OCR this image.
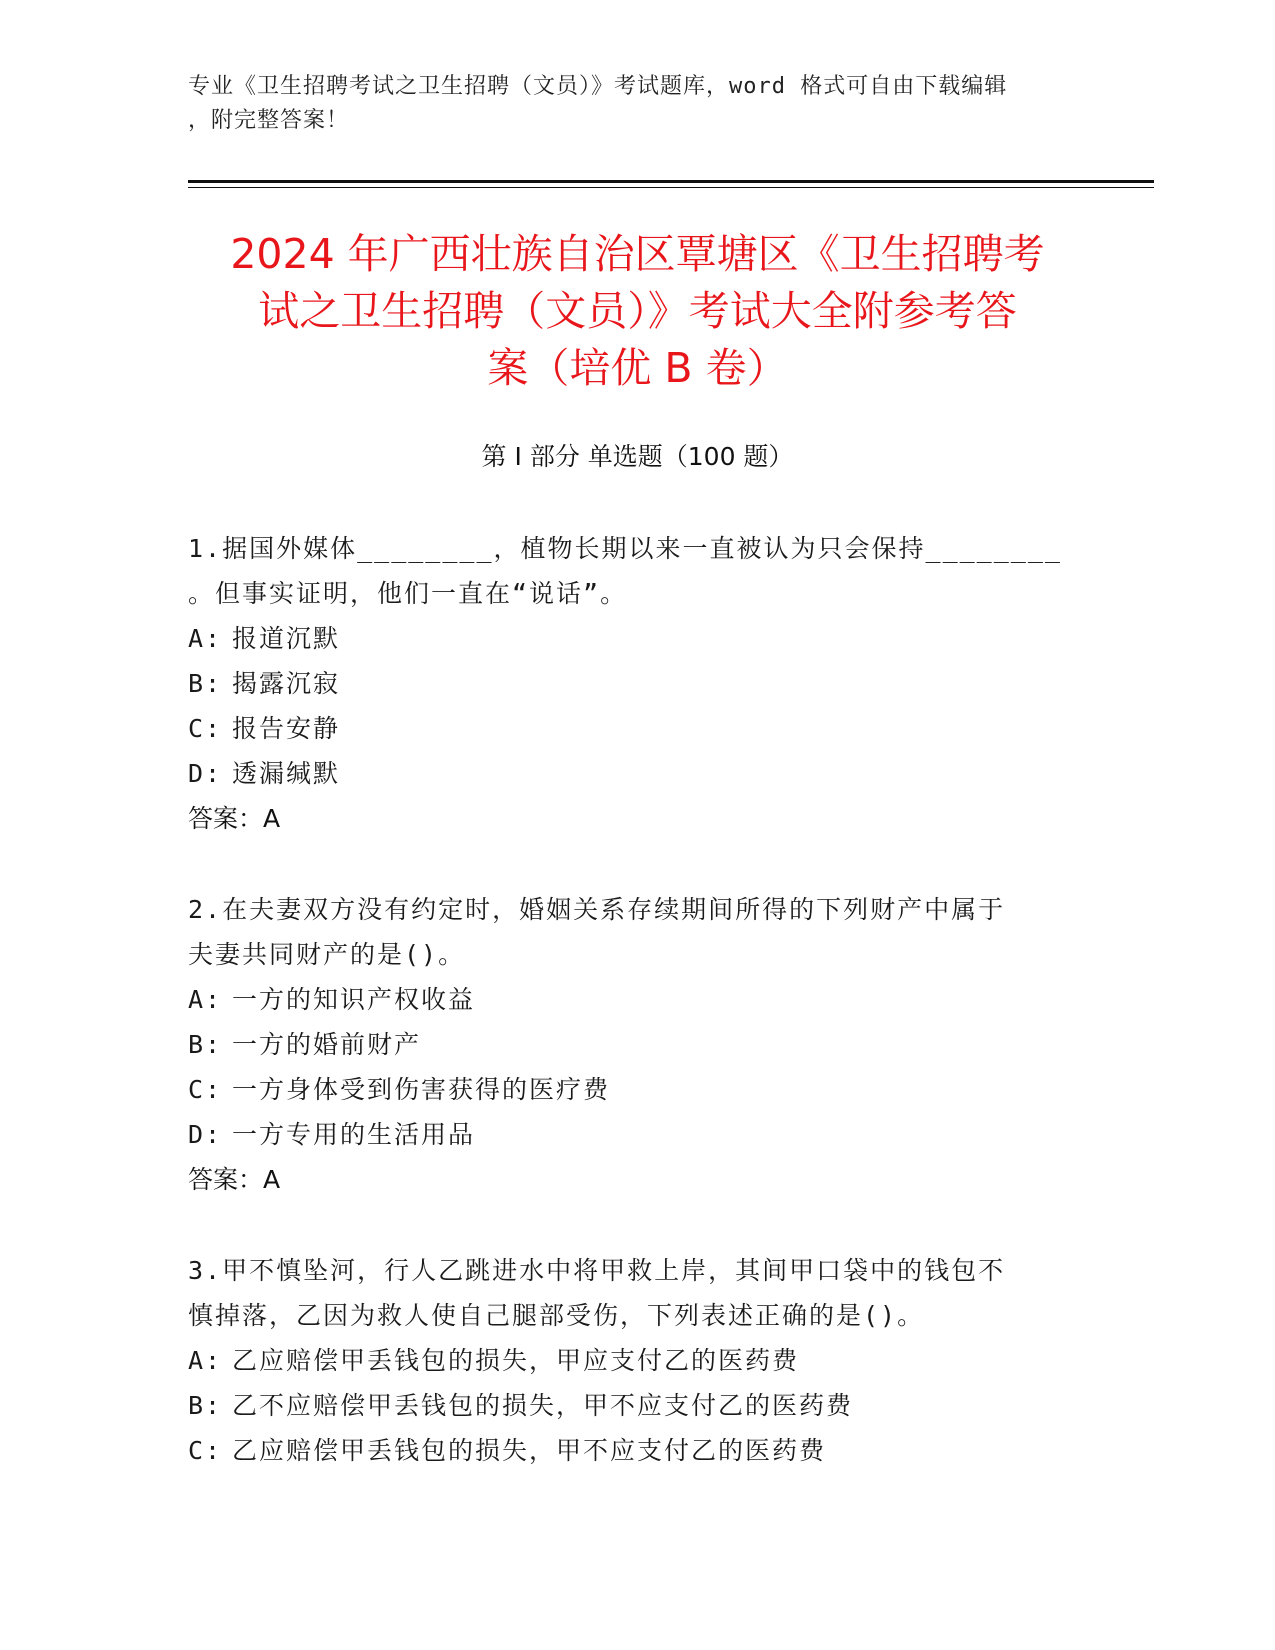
专业《卫生招聘考试之卫生招聘（文员）》考试题库，word 格式可自由下载编辑
，附完整答案！
2024 年广西壮族自治区覃塘区《卫生招聘考
试之卫生招聘（文员）》考试大全附参考答
案（培优 B 卷）
第 I 部分 单选题（100 题）

1.据国外媒体________，植物长期以来一直被认为只会保持________

。但事实证明，他们一直在“说话”。

A: 报道沉默

B: 揭露沉寂

C: 报告安静

D: 透漏缄默

答案：A

2.在夫妻双方没有约定时，婚姻关系存续期间所得的下列财产中属于

夫妻共同财产的是()。

A: 一方的知识产权收益

B: 一方的婚前财产

C: 一方身体受到伤害获得的医疗费

D: 一方专用的生活用品

答案：A

3.甲不慎坠河，行人乙跳进水中将甲救上岸，其间甲口袋中的钱包不

慎掉落，乙因为救人使自己腿部受伤，下列表述正确的是()。

A: 乙应赔偿甲丢钱包的损失，甲应支付乙的医药费

B: 乙不应赔偿甲丢钱包的损失，甲不应支付乙的医药费

C: 乙应赔偿甲丢钱包的损失，甲不应支付乙的医药费
